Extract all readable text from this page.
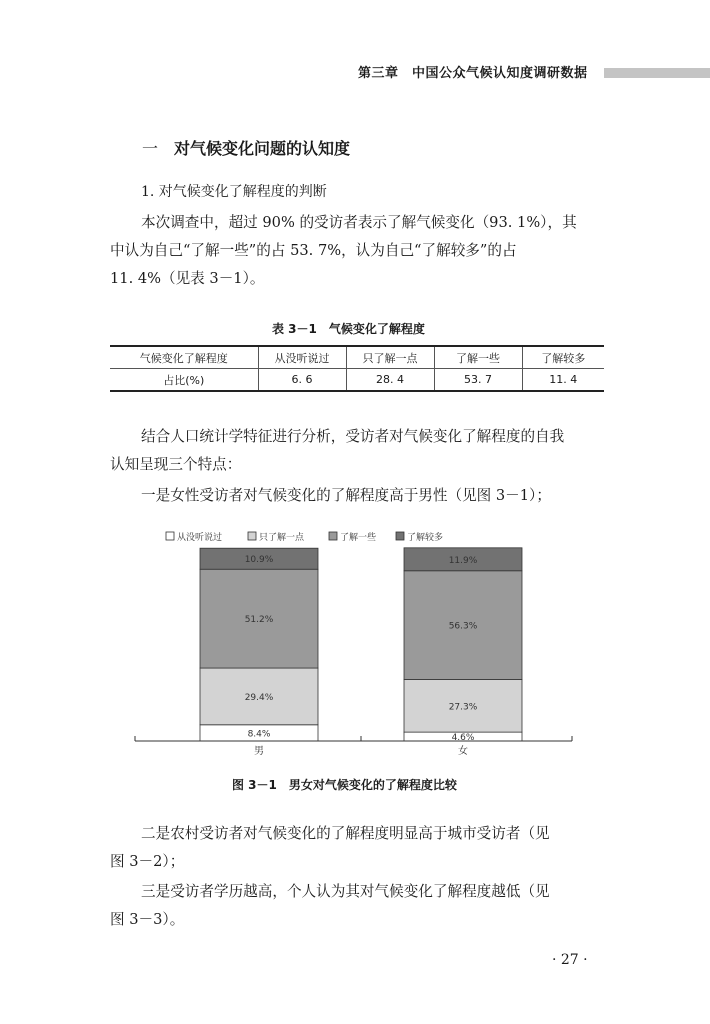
第三章　中国公众气候认知度调研数据
一 对气候变化问题的认知度
1. 对气候变化了解程度的判断
本次调查中，超过 90% 的受访者表示了解气候变化（93. 1%），其
中认为自己“了解一些”的占 53. 7%，认为自己“了解较多”的占
11. 4%（见表 3－1）。
表 3－1　气候变化了解程度
气候变化了解程度	从没听说过	只了解一点	了解一些	了解较多
占比(%)	6. 6	28. 4	53. 7	11. 4
结合人口统计学特征进行分析，受访者对气候变化了解程度的自我
认知呈现三个特点：
一是女性受访者对气候变化的了解程度高于男性（见图 3－1）；
从没听说过	只了解一点	了解一些	了解较多
8.4%
29.4%
51.2%
10.9%
男
4.6%
27.3%
56.3%
11.9%
女
图 3－1　男女对气候变化的了解程度比较
二是农村受访者对气候变化的了解程度明显高于城市受访者（见
图 3－2）；
三是受访者学历越高，个人认为其对气候变化了解程度越低（见
图 3－3）。
· 27 ·
